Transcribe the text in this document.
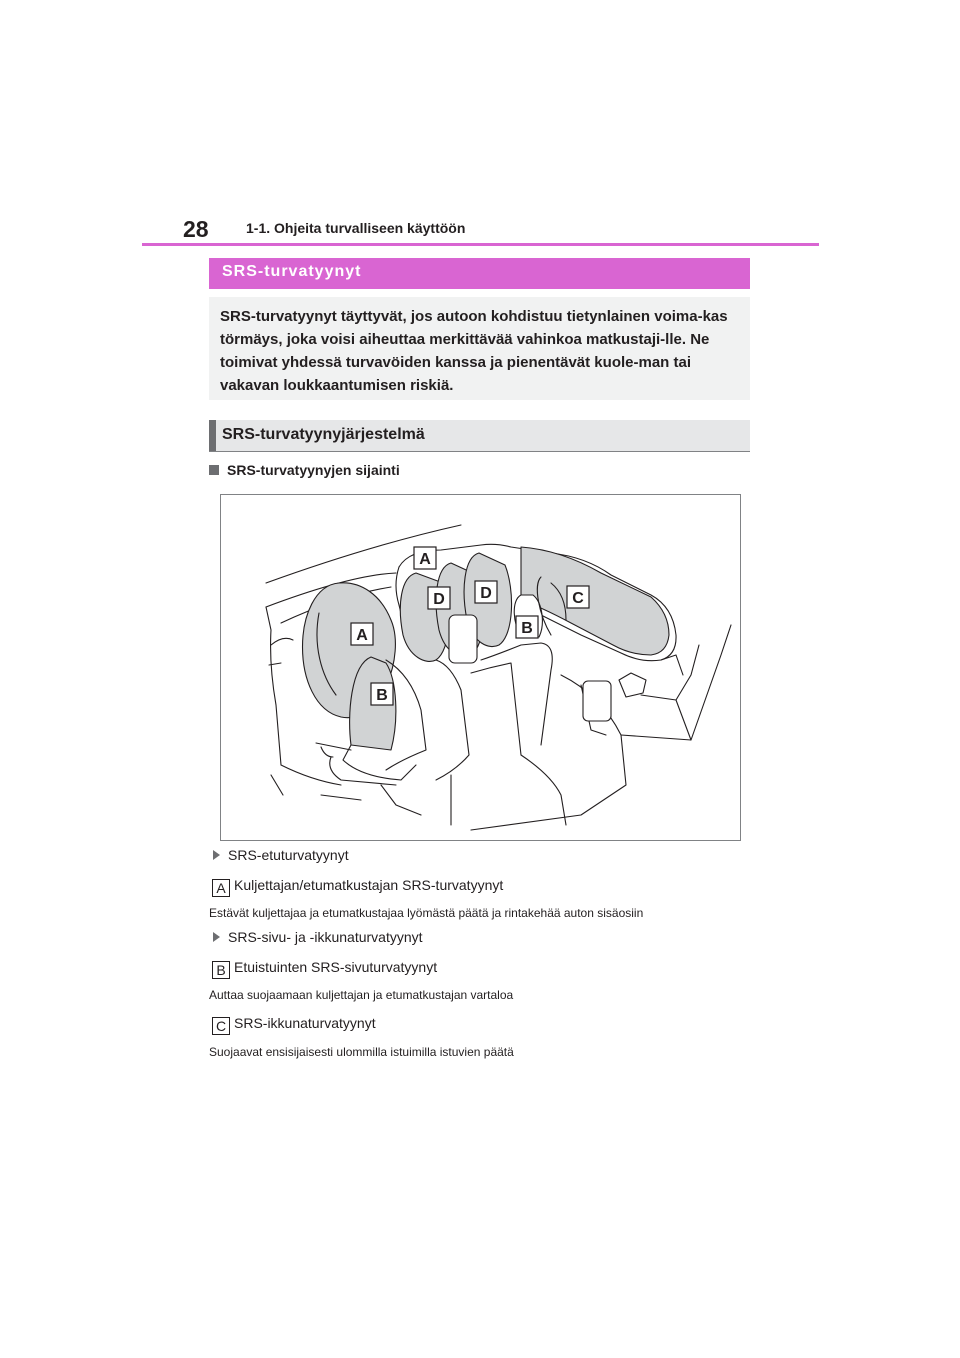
28	1-1. Ohjeita turvalliseen käyttöön
SRS-turvatyynyt

SRS-turvatyynyt täyttyvät, jos autoon kohdistuu tietynlainen voima-kas törmäys, joka voisi aiheuttaa merkittävää vahinkoa matkustaji-lle. Ne toimivat yhdessä turvavöiden kanssa ja pienentävät kuole-man tai vakavan loukkaantumisen riskiä.

SRS-turvatyynyjärjestelmä
SRS-turvatyynyjen sijainti
A
A
D D	C
B
B
SRS-etuturvatyynyt
A Kuljettajan/etumatkustajan SRS-turvatyynyt
Estävät kuljettajaa ja etumatkustajaa lyömästä päätä ja rintakehää auton sisäosiin
SRS-sivu- ja -ikkunaturvatyynyt
B Etuistuinten SRS-sivuturvatyynyt
Auttaa suojaamaan kuljettajan ja etumatkustajan vartaloa
C SRS-ikkunaturvatyynyt
Suojaavat ensisijaisesti ulommilla istuimilla istuvien päätä
